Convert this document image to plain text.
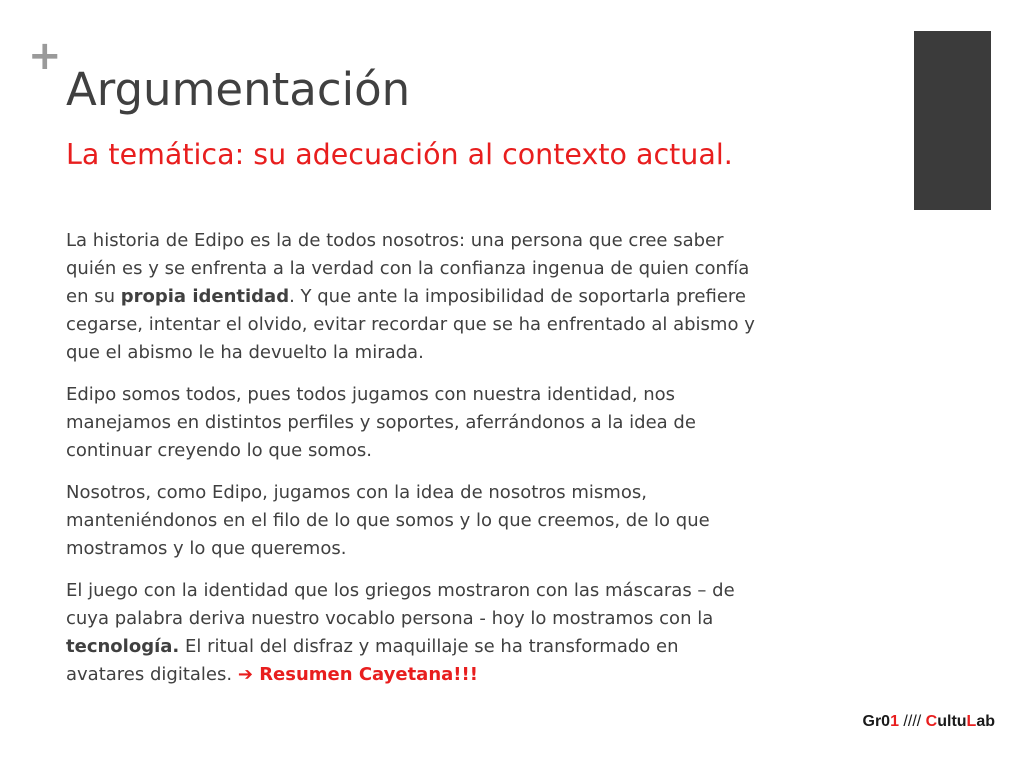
+
Argumentación
La temática: su adecuación al contexto actual.

La historia de Edipo es la de todos nosotros: una persona que cree saber
quién es y se enfrenta a la verdad con la confianza ingenua de quien confía
en su propia identidad. Y que ante la imposibilidad de soportarla prefiere
cegarse, intentar el olvido, evitar recordar que se ha enfrentado al abismo y
que el abismo le ha devuelto la mirada.

Edipo somos todos, pues todos jugamos con nuestra identidad, nos
manejamos en distintos perfiles y soportes, aferrándonos a la idea de
continuar creyendo lo que somos.

Nosotros, como Edipo, jugamos con la idea de nosotros mismos,
manteniéndonos en el filo de lo que somos y lo que creemos, de lo que
mostramos y lo que queremos.

El juego con la identidad que los griegos mostraron con las máscaras – de
cuya palabra deriva nuestro vocablo persona - hoy lo mostramos con la
tecnología. El ritual del disfraz y maquillaje se ha transformado en
avatares digitales. ➔ Resumen Cayetana!!!

Gr01 //// CultuLab
